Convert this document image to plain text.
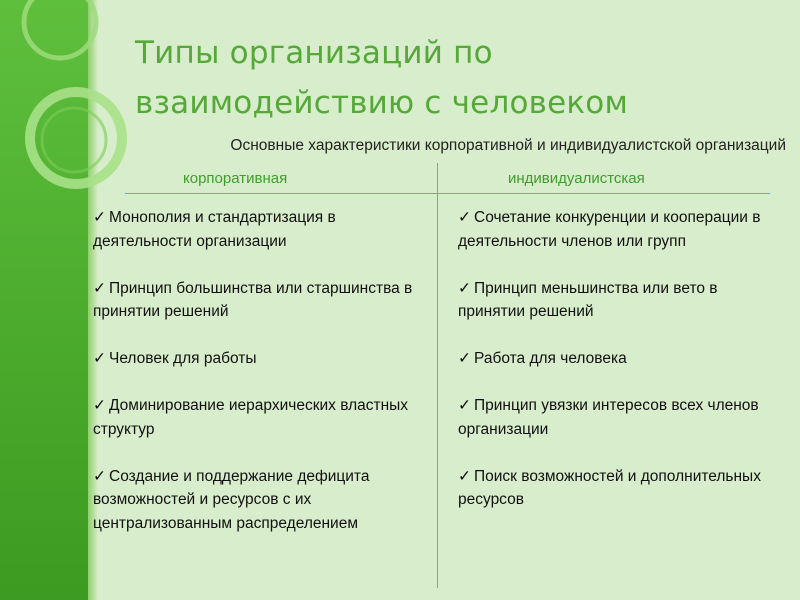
Типы организаций по
взаимодействию с человеком
Основные характеристики корпоративной и индивидуалистской организаций
корпоративная	индивидуалистская
✓ Монополия и стандартизация в деятельности организации
✓ Принцип большинства или старшинства в принятии решений
✓ Человек для работы
✓ Доминирование иерархических властных структур
✓ Создание и поддержание дефицита возможностей и ресурсов с их централизованным распределением
✓ Сочетание конкуренции и кооперации в деятельности членов или групп
✓ Принцип меньшинства или вето в принятии решений
✓ Работа для человека
✓ Принцип увязки интересов всех членов организации
✓ Поиск возможностей и дополнительных ресурсов
